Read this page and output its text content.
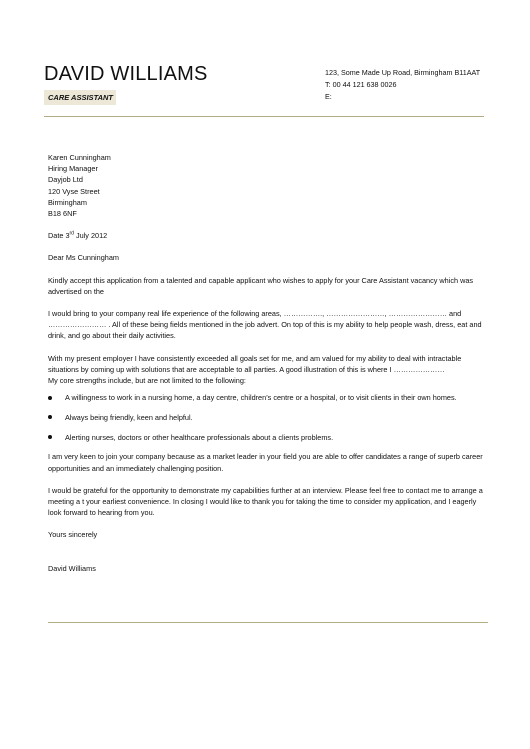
DAVID WILLIAMS
CARE ASSISTANT
123, Some Made Up Road, Birmingham B11AAT
T: 00 44 121 638 0026
E:
Karen Cunningham
Hiring Manager
Dayjob Ltd
120 Vyse Street
Birmingham
B18 6NF

Date 3rd July 2012

Dear Ms Cunningham

Kindly accept this application from a talented and capable applicant who wishes to apply for your Care Assistant vacancy which was advertised on the

I would bring to your company real life experience of the following areas, ……………., ……………………, …………………… and …………………… . All of these being fields mentioned in the job advert. On top of this is my ability to help people wash, dress, eat and drink, and go about their daily activities.

With my present employer I have consistently exceeded all goals set for me, and am valued for my ability to deal with intractable situations by coming up with solutions that are acceptable to all parties. A good illustration of this is where I …………………

My core strengths include, but are not limited to the following:

A willingness to work in a nursing home, a day centre, children’s centre or a hospital, or to visit clients in their own homes.
Always being friendly, keen and helpful.
Alerting nurses, doctors or other healthcare professionals about a clients problems.

I am very keen to join your company because as a market leader in your field you are able to offer candidates a range of superb career opportunities and an immediately challenging position.

I would be grateful for the opportunity to demonstrate my capabilities further at an interview. Please feel free to contact me to arrange a meeting a t your earliest convenience. In closing I would like to thank you for taking the time to consider my application, and I eagerly look forward to hearing from you.

Yours sincerely

David Williams
